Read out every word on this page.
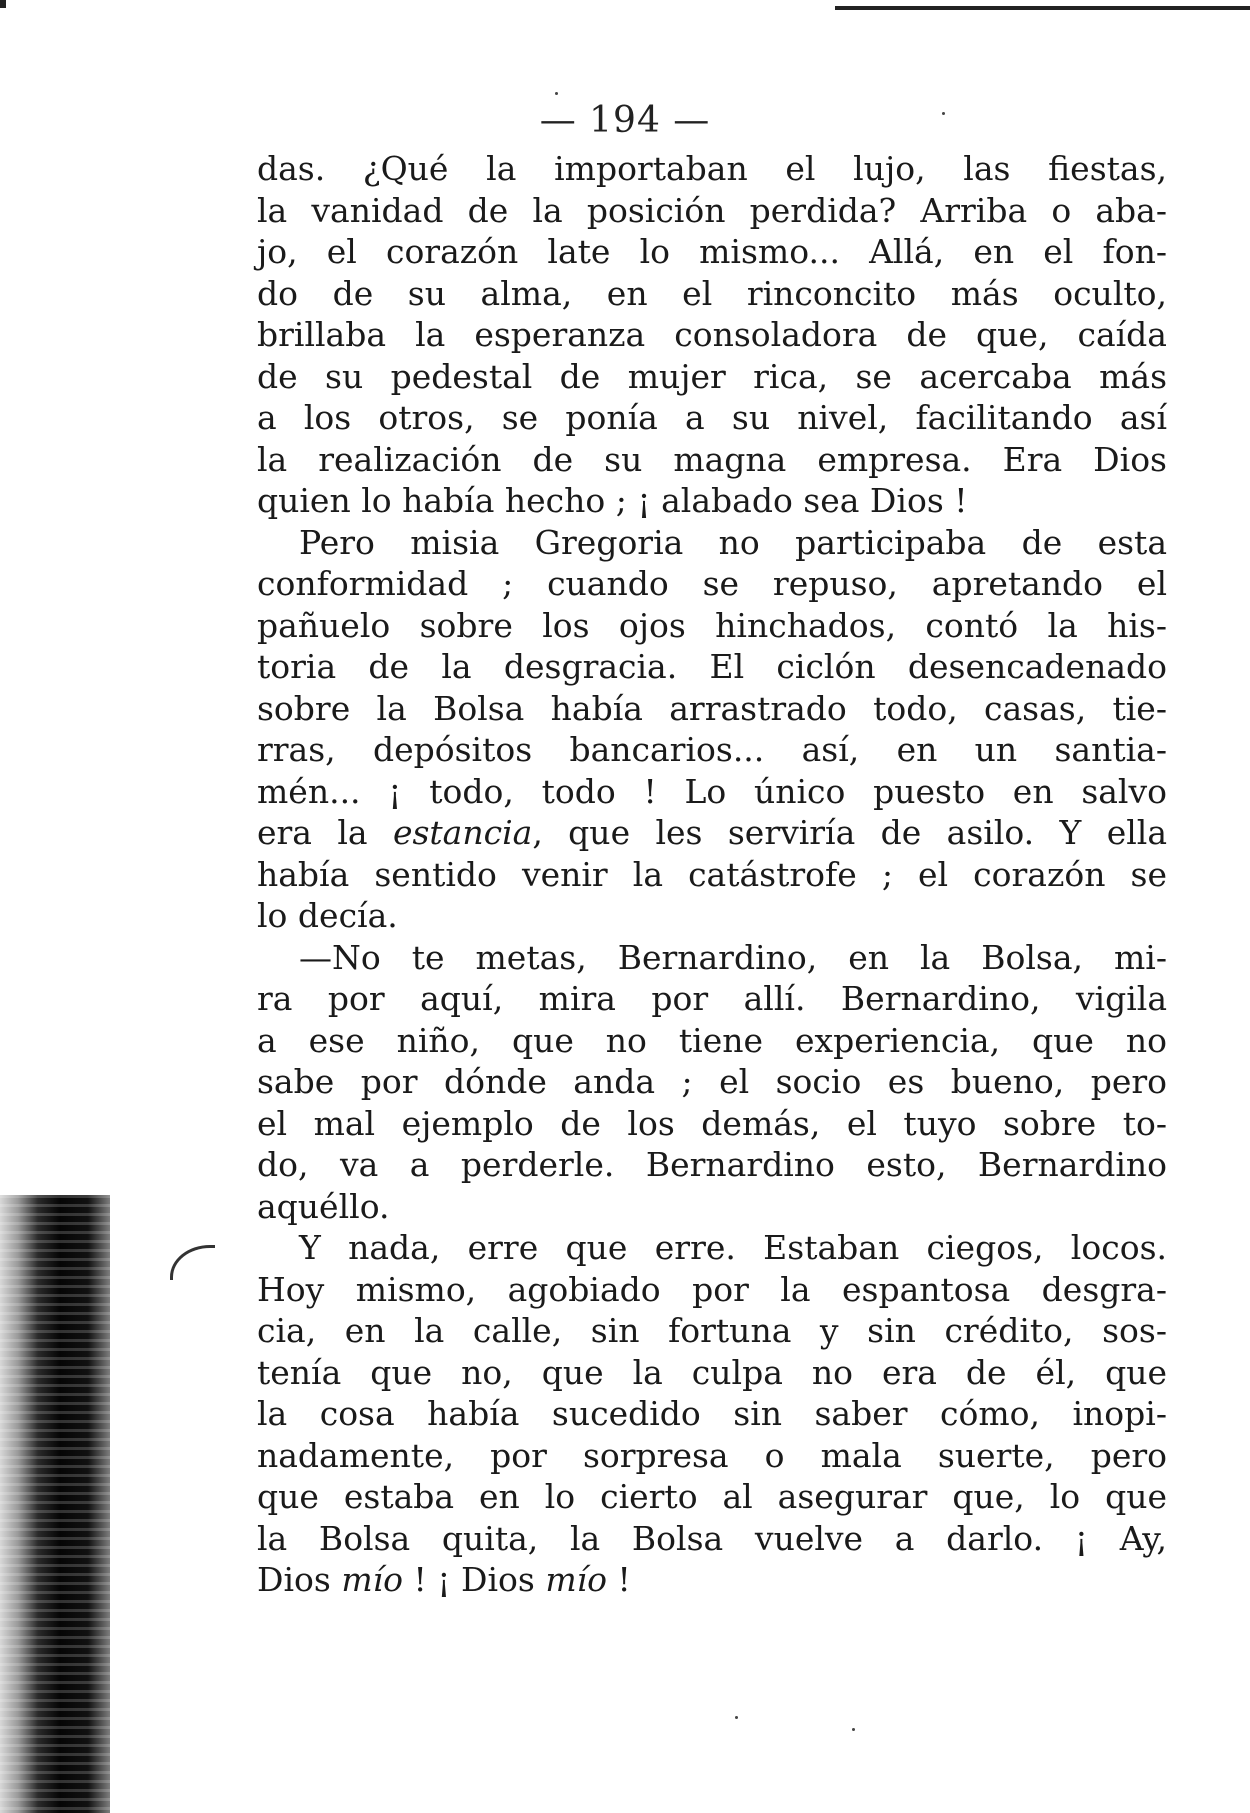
— 194 —
das. ¿Qué la importaban el lujo, las fiestas,
la vanidad de la posición perdida? Arriba o aba-
jo, el corazón late lo mismo... Allá, en el fon-
do de su alma, en el rinconcito más oculto,
brillaba la esperanza consoladora de que, caída
de su pedestal de mujer rica, se acercaba más
a los otros, se ponía a su nivel, facilitando así
la realización de su magna empresa. Era Dios
quien lo había hecho ; ¡ alabado sea Dios !
Pero misia Gregoria no participaba de esta
conformidad ; cuando se repuso, apretando el
pañuelo sobre los ojos hinchados, contó la his-
toria de la desgracia. El ciclón desencadenado
sobre la Bolsa había arrastrado todo, casas, tie-
rras, depósitos bancarios... así, en un santia-
mén... ¡ todo, todo ! Lo único puesto en salvo
era la estancia, que les serviría de asilo. Y ella
había sentido venir la catástrofe ; el corazón se
lo decía.
—No te metas, Bernardino, en la Bolsa, mi-
ra por aquí, mira por allí. Bernardino, vigila
a ese niño, que no tiene experiencia, que no
sabe por dónde anda ; el socio es bueno, pero
el mal ejemplo de los demás, el tuyo sobre to-
do, va a perderle. Bernardino esto, Bernardino
aquéllo.
Y nada, erre que erre. Estaban ciegos, locos.
Hoy mismo, agobiado por la espantosa desgra-
cia, en la calle, sin fortuna y sin crédito, sos-
tenía que no, que la culpa no era de él, que
la cosa había sucedido sin saber cómo, inopi-
nadamente, por sorpresa o mala suerte, pero
que estaba en lo cierto al asegurar que, lo que
la Bolsa quita, la Bolsa vuelve a darlo. ¡ Ay,
Dios mío ! ¡ Dios mío !
